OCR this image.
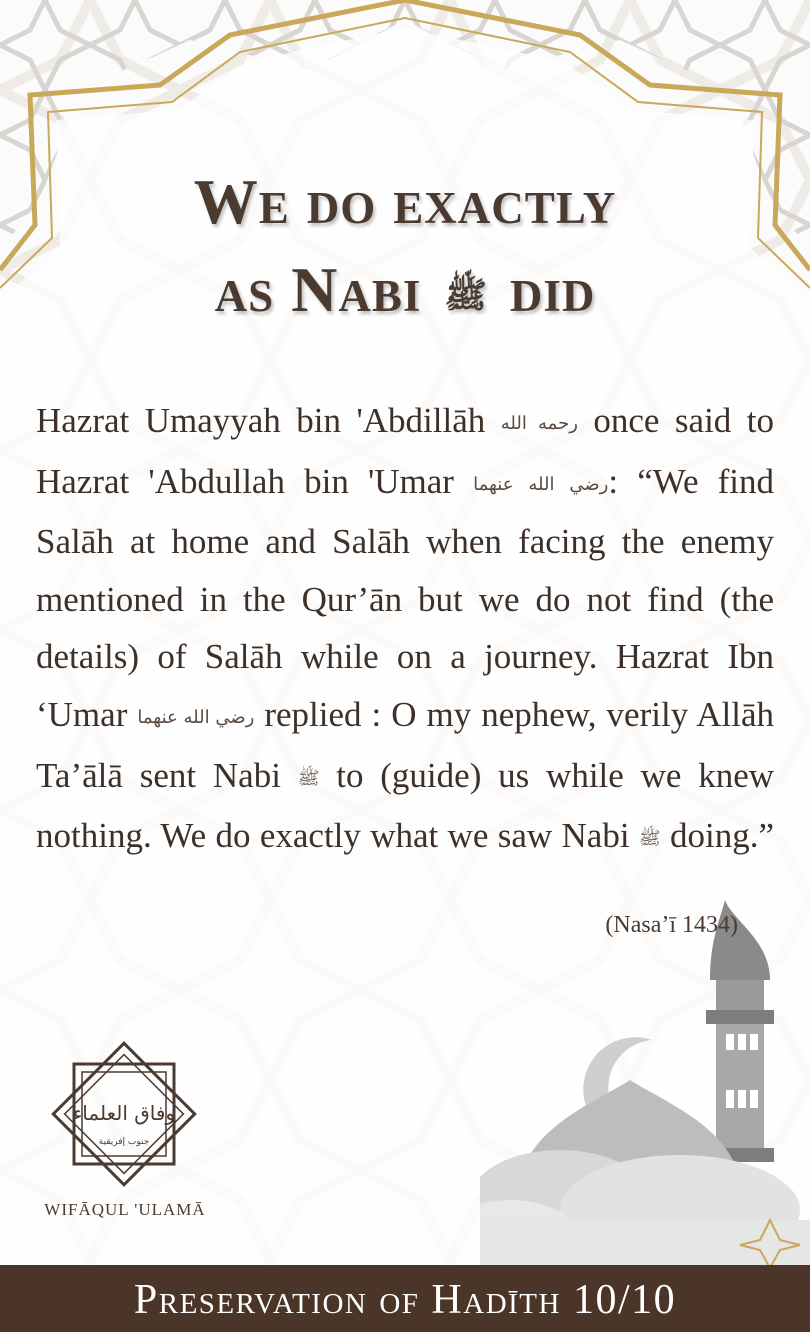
We do exactly
as Nabi ﷺ did
Hazrat Umayyah bin 'Abdillāh رحمه الله once said to Hazrat 'Abdullah bin 'Umar رضي الله عنهما: “We find Salāh at home and Salāh when facing the enemy mentioned in the Qur’ān but we do not find (the details) of Salāh while on a journey. Hazrat Ibn ‘Umar رضي الله عنهما replied : O my nephew, verily Allāh Ta’ālā sent Nabi ﷺ to (guide) us while we knew nothing. We do exactly what we saw Nabi ﷺ doing.”
(Nasa’ī 1434)
وفاق العلماء
جنوب إفريقية
WIFĀQUL 'ULAMĀ
Preservation of Hadīth 10/10
